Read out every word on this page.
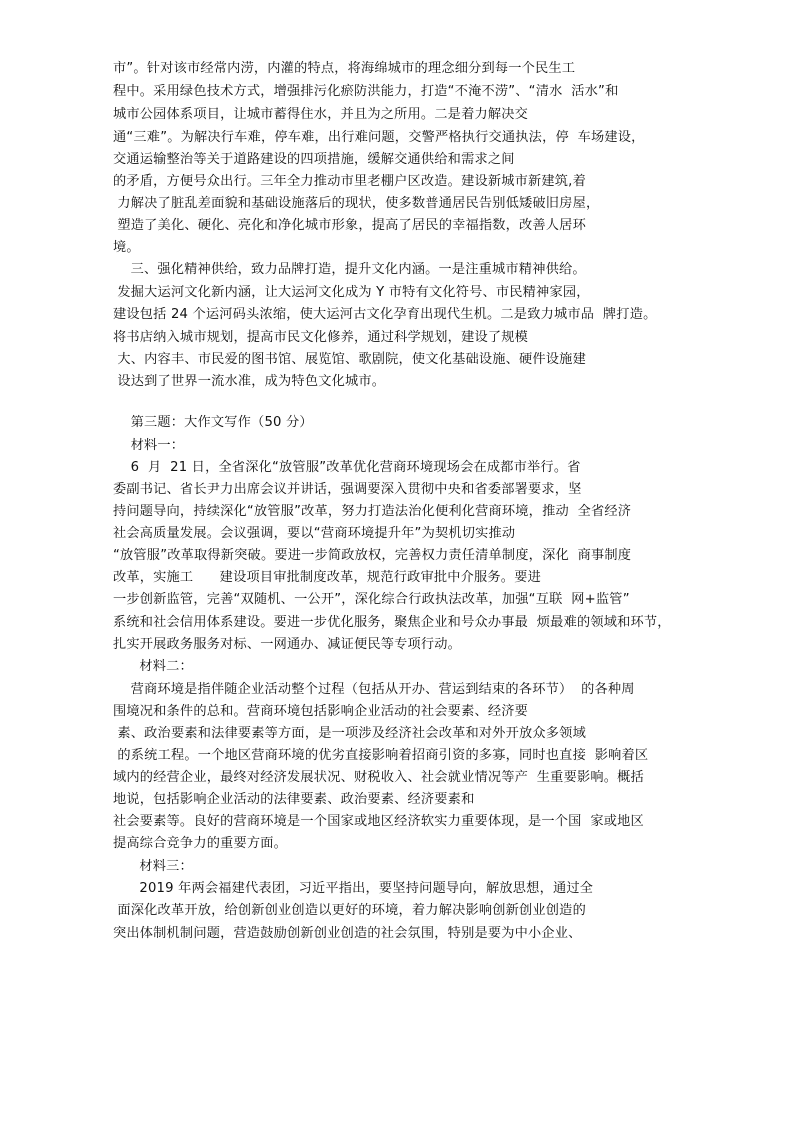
市”。针对该市经常内涝，内灌的特点，将海绵城市的理念细分到每一个民生工
程中。采用绿色技术方式，增强排污化瘀防洪能力，打造“不淹不涝”、“清水  活水”和
城市公园体系项目，让城市蓄得住水，并且为之所用。二是着力解决交
通“三难”。为解决行车难，停车难，出行难问题，交警严格执行交通执法，停  车场建设，
交通运输整治等关于道路建设的四项措施，缓解交通供给和需求之间
的矛盾，方便号众出行。三年全力推动市里老棚户区改造。建设新城市新建筑,着
力解决了脏乱差面貌和基础设施落后的现状，使多数普通居民告别低矮破旧房屋，
塑造了美化、硬化、亮化和净化城市形象，提高了居民的幸福指数，改善人居环
境。
三、强化精神供给，致力品牌打造，提升文化内涵。一是注重城市精神供给。
发掘大运河文化新内涵，让大运河文化成为 Y 市特有文化符号、市民精神家园，
建设包括 24 个运河码头浓缩，使大运河古文化孕育出现代生机。二是致力城市品  牌打造。
将书店纳入城市规划，提高市民文化修养，通过科学规划，建设了规模
大、内容丰、市民爱的图书馆、展览馆、歌剧院，使文化基础设施、硬件设施建
设达到了世界一流水准，成为特色文化城市。
第三题：大作文写作（50 分）
材料一：
6  月  21 日，全省深化“放管服”改革优化营商环境现场会在成都市举行。省
委副书记、省长尹力出席会议并讲话，强调要深入贯彻中央和省委部署要求，坚
持问题导向，持续深化“放管服”改革，努力打造法治化便利化营商环境，推动  全省经济
社会高质量发展。会议强调，要以“营商环境提升年”为契机切实推动
“放管服”改革取得新突破。要进一步简政放权，完善权力责任清单制度，深化  商事制度
改革，实施工      建设项目审批制度改革，规范行政审批中介服务。要进
一步创新监管，完善“双随机、一公开”，深化综合行政执法改革，加强“互联  网+监管”
系统和社会信用体系建设。要进一步优化服务，聚焦企业和号众办事最  烦最难的领域和环节，
扎实开展政务服务对标、一网通办、减证便民等专项行动。
材料二：
营商环境是指伴随企业活动整个过程（包括从开办、营运到结束的各环节）  的各种周
围境况和条件的总和。营商环境包括影响企业活动的社会要素、经济要
素、政治要素和法律要素等方面，是一项涉及经济社会改革和对外开放众多领域
的系统工程。一个地区营商环境的优劣直接影响着招商引资的多寡，同时也直接  影响着区
域内的经营企业，最终对经济发展状况、财税收入、社会就业情况等产  生重要影响。概括
地说，包括影响企业活动的法律要素、政治要素、经济要素和
社会要素等。良好的营商环境是一个国家或地区经济软实力重要体现，是一个国  家或地区
提高综合竞争力的重要方面。
材料三：
2019 年两会福建代表团，习近平指出，要坚持问题导向，解放思想，通过全
面深化改革开放，给创新创业创造以更好的环境，着力解决影响创新创业创造的
突出体制机制问题，营造鼓励创新创业创造的社会氛围，特别是要为中小企业、
